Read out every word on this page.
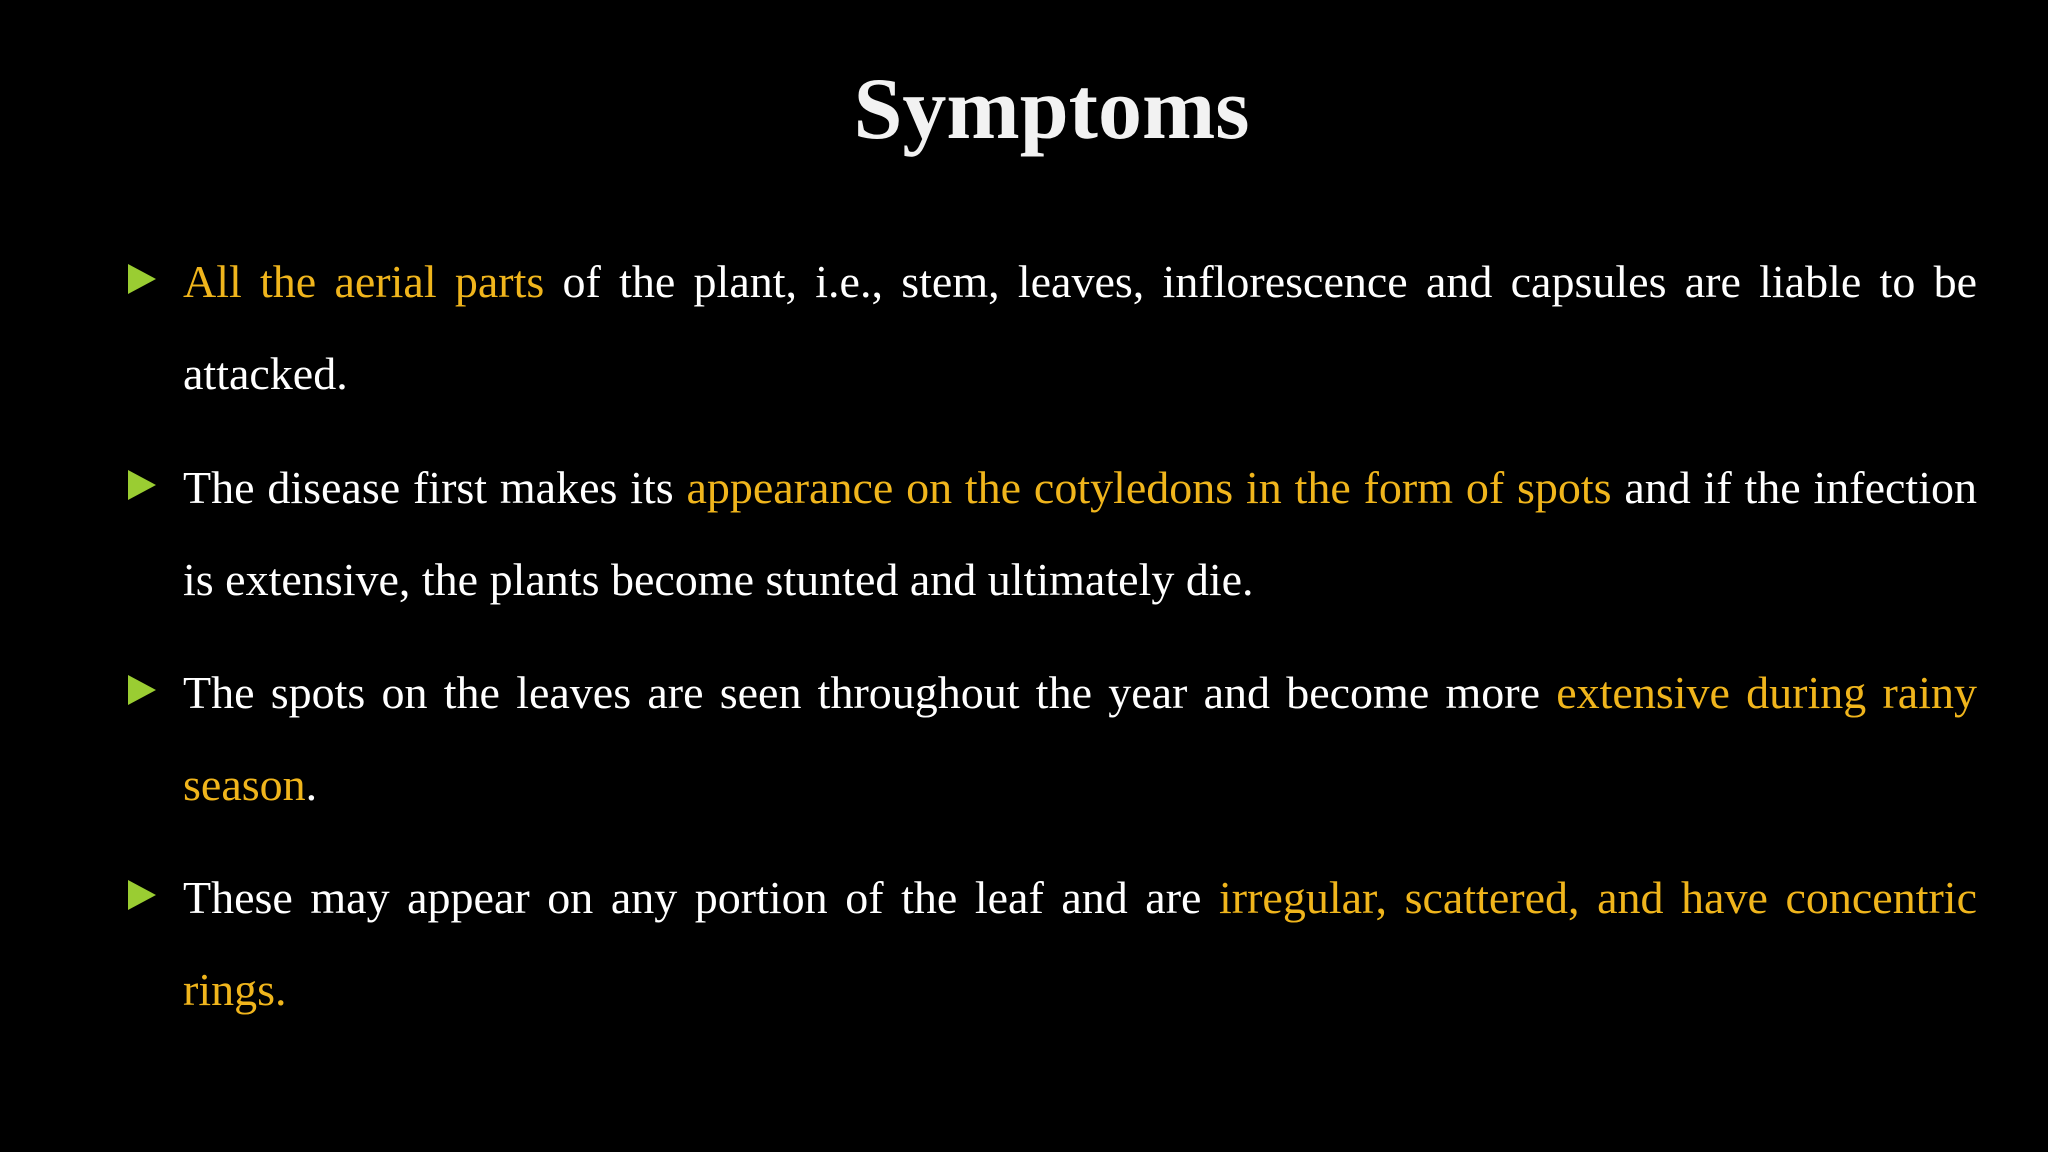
Symptoms

All the aerial parts of the plant, i.e., stem, leaves, inflorescence and capsules are liable to be attacked.

The disease first makes its appearance on the cotyledons in the form of spots and if the infection is extensive, the plants become stunted and ultimately die.

The spots on the leaves are seen throughout the year and become more extensive during rainy season.

These may appear on any portion of the leaf and are irregular, scattered, and have concentric rings.
